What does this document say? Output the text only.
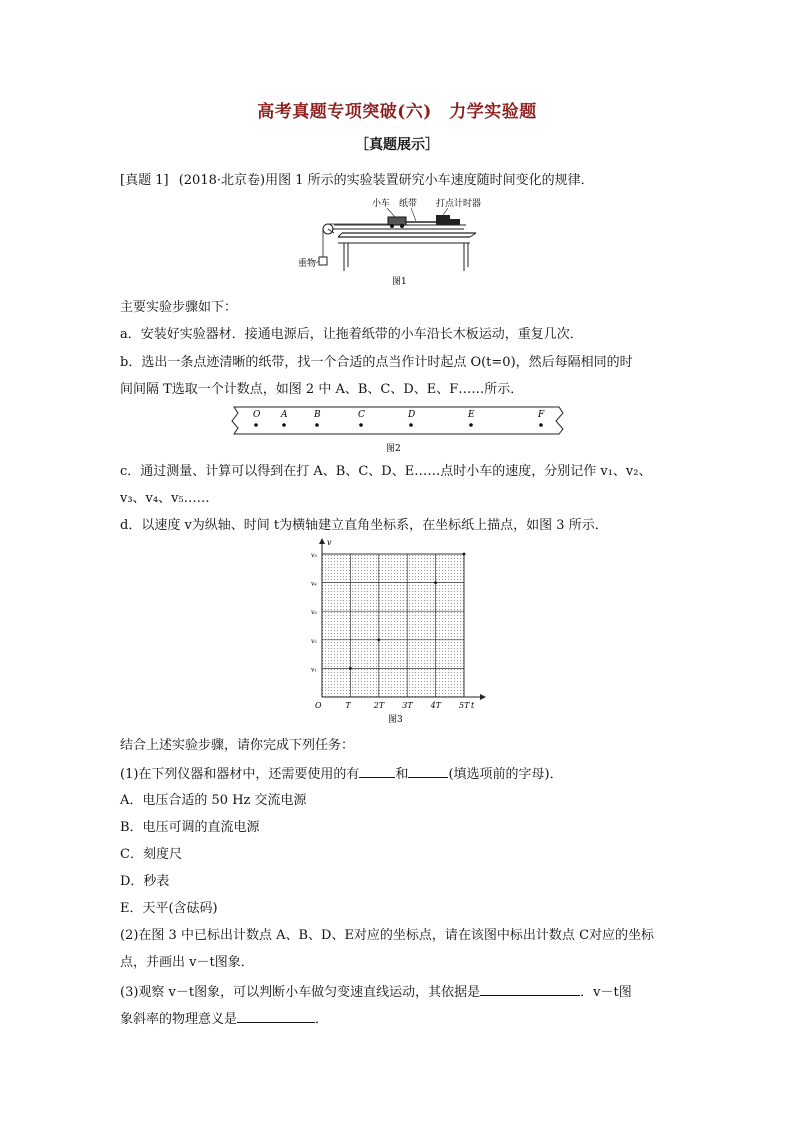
高考真题专项突破(六)　力学实验题
［真题展示］
[真题 1] (2018·北京卷)用图 1 所示的实验装置研究小车速度随时间变化的规律．
小车 纸带 打点计时器
重物
图1
主要实验步骤如下：
a．安装好实验器材．接通电源后，让拖着纸带的小车沿长木板运动，重复几次．
b．选出一条点迹清晰的纸带，找一个合适的点当作计时起点 O(t=0)，然后每隔相同的时
间间隔 T选取一个计数点，如图 2 中 A、B、C、D、E、F……所示．
O A	B	C	D	E	F
图2
c．通过测量、计算可以得到在打 A、B、C、D、E……点时小车的速度，分别记作 v₁、v₂、
v₃、v₄、v₅……
d．以速度 v为纵轴、时间 t为横轴建立直角坐标系，在坐标纸上描点，如图 3 所示．
v
O	T	2T 3T 4T 5T t
v₁
v₂
v₃
v₄
v₅
图3
结合上述实验步骤，请你完成下列任务：
(1)在下列仪器和器材中，还需要使用的有	和	(填选项前的字母)．
A．电压合适的 50 Hz 交流电源
B．电压可调的直流电源
C．刻度尺
D．秒表
E．天平(含砝码)
(2)在图 3 中已标出计数点 A、B、D、E对应的坐标点，请在该图中标出计数点 C对应的坐标
点，并画出 v－t图象．
(3)观察 v－t图象，可以判断小车做匀变速直线运动，其依据是	．v－t图
象斜率的物理意义是	．
